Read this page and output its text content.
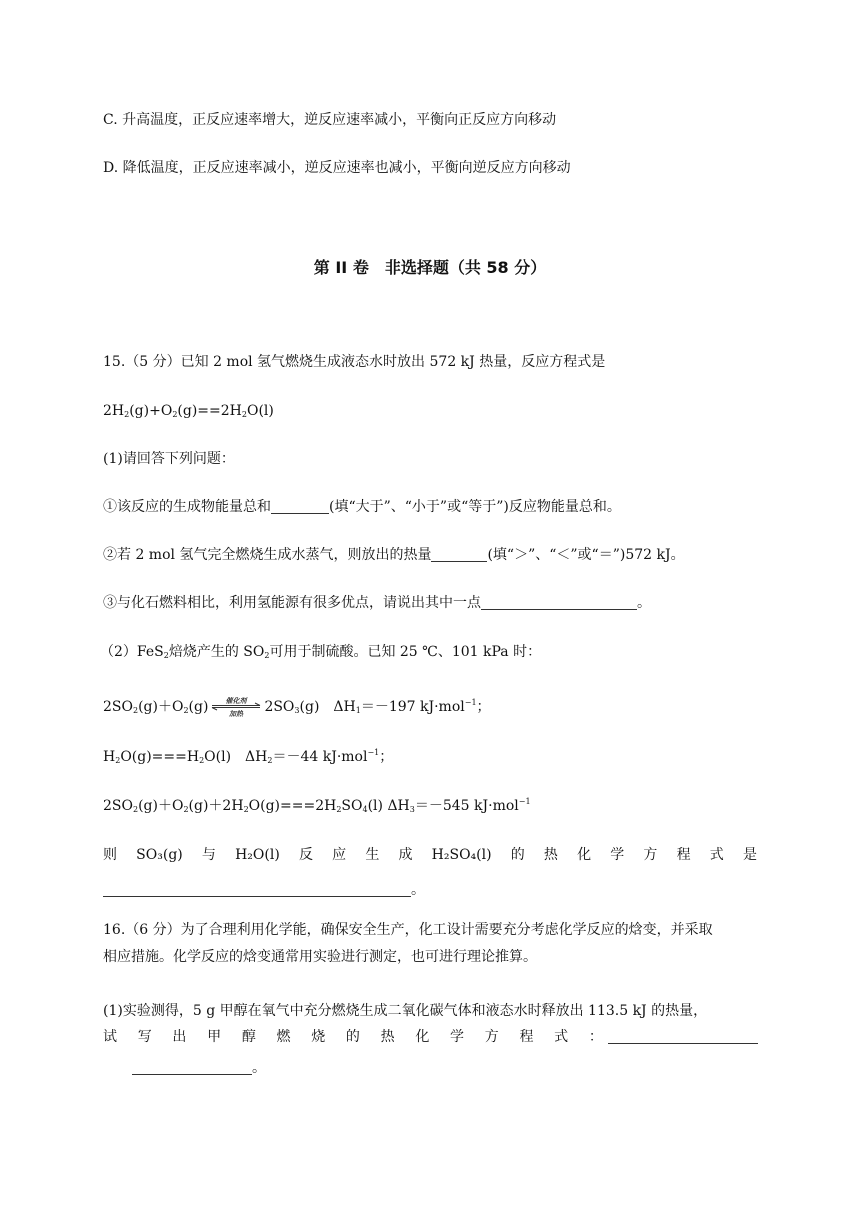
C. 升高温度，正反应速率增大，逆反应速率减小，平衡向正反应方向移动
D. 降低温度，正反应速率减小，逆反应速率也减小，平衡向逆反应方向移动
第 II 卷　非选择题（共 58 分）
15.（5 分）已知 2 mol 氢气燃烧生成液态水时放出 572 kJ 热量，反应方程式是
$2H_2(g)+O_2(g)==2H_2O(l)$
(1)请回答下列问题：
①该反应的生成物能量总和	(填“大于”、“小于”或“等于”)反应物能量总和。
②若 2 mol 氢气完全燃烧生成水蒸气，则放出的热量	(填“＞”、“＜”或“＝”)572 kJ。
③与化石燃料相比，利用氢能源有很多优点，请说出其中一点	。
（2）FeS$_2$焙烧产生的 $SO_2$可用于制硫酸。已知 25 ℃、101 kPa 时：
$2SO_2(g)+O_2(g)$	催化剂
加热 $2SO_3(g)$　$\Delta H_1=-197$ kJ·mol$^{-1}$；
$H_2O(g)===H_2O(l)$　$\Delta H_2=-44$ kJ·mol$^{-1}$；
$2SO_2(g)+O_2(g)+2H_2O(g)===2H_2SO_4(l)$ $\Delta H_3=-545$ kJ·mol$^{-1}$
则 SO₃(g) 与 H₂O(l) 反 应 生 成 H₂SO₄(l) 的 热 化 学 方 程 式 是
。
16.（6 分）为了合理利用化学能，确保安全生产，化工设计需要充分考虑化学反应的焓变，并采取
相应措施。化学反应的焓变通常用实验进行测定，也可进行理论推算。
(1)实验测得，5 g 甲醇在氧气中充分燃烧生成二氧化碳气体和液态水时释放出 113.5 kJ 的热量，
试 写 出 甲 醇 燃 烧 的 热 化 学 方 程 式 ：
。
